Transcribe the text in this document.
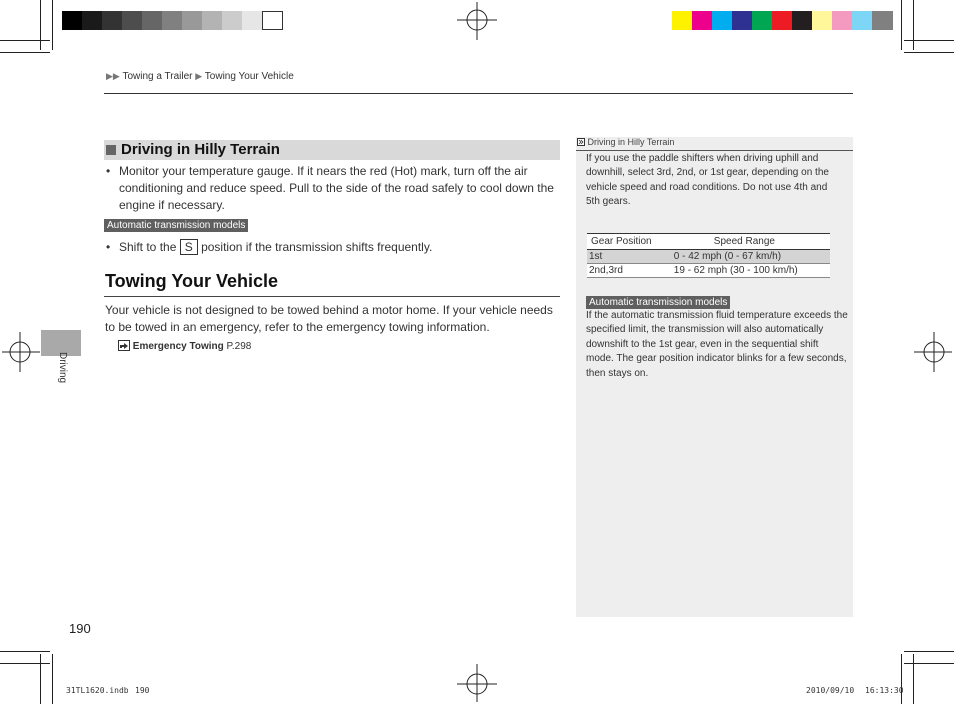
▶▶ Towing a Trailer ▶ Towing Your Vehicle
Driving in Hilly Terrain
• Monitor your temperature gauge. If it nears the red (Hot) mark, turn off the air conditioning and reduce speed. Pull to the side of the road safely to cool down the engine if necessary.
Automatic transmission models
• Shift to the S position if the transmission shifts frequently.
Towing Your Vehicle
Your vehicle is not designed to be towed behind a motor home. If your vehicle needs to be towed in an emergency, refer to the emergency towing information.
Emergency Towing P.298
Driving
Driving in Hilly Terrain
If you use the paddle shifters when driving uphill and downhill, select 3rd, 2nd, or 1st gear, depending on the vehicle speed and road conditions. Do not use 4th and 5th gears.
Gear Position	Speed Range
1st	0 - 42 mph (0 - 67 km/h)
2nd,3rd	19 - 62 mph (30 - 100 km/h)
Automatic transmission models
If the automatic transmission fluid temperature exceeds the specified limit, the transmission will also automatically downshift to the 1st gear, even in the sequential shift mode. The gear position indicator blinks for a few seconds, then stays on.
190
31TL1620.indb 190	2010/09/10 16:13:30
